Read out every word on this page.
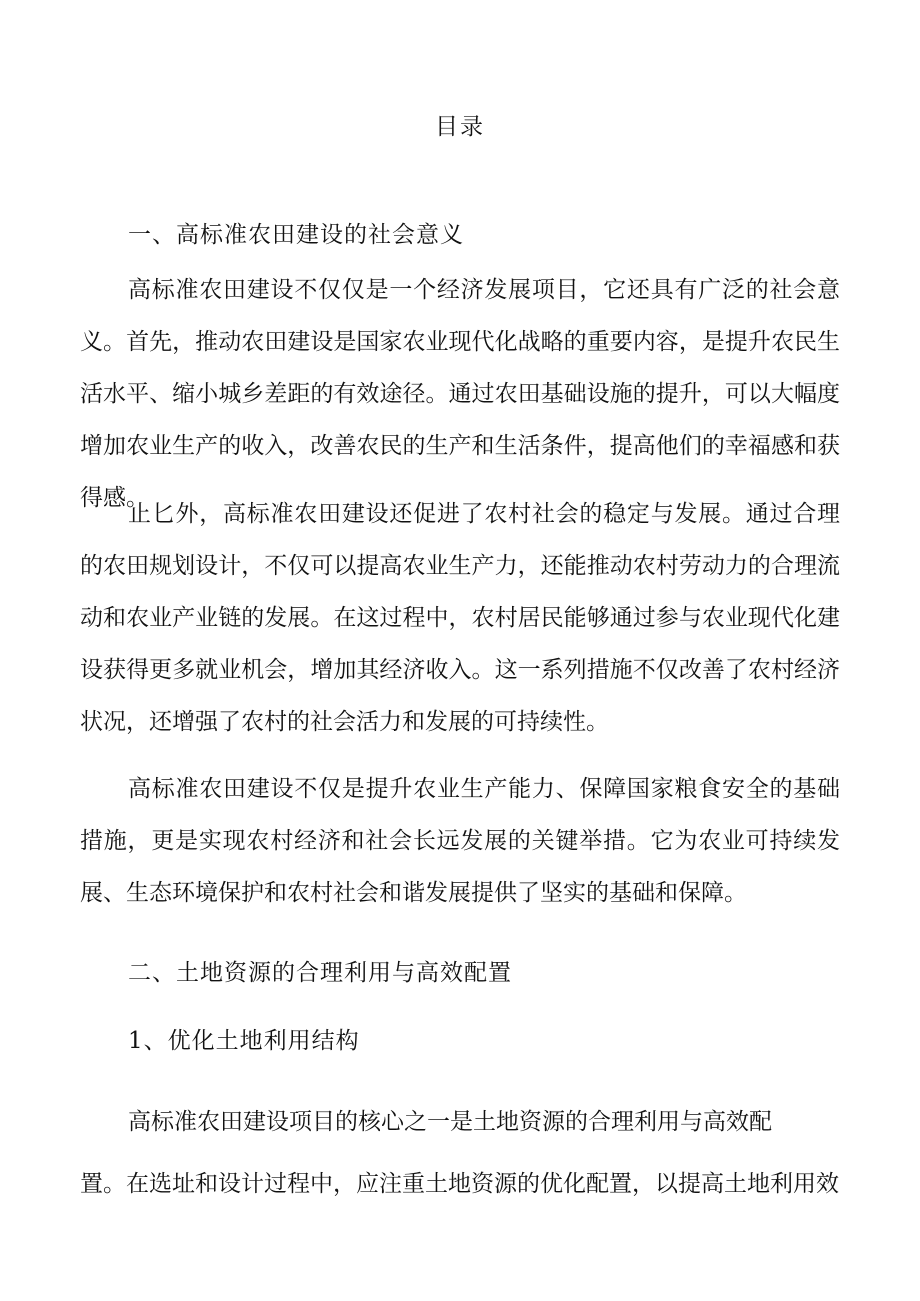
目录
一、高标准农田建设的社会意义
高标准农田建设不仅仅是一个经济发展项目，它还具有广泛的社会意义。首先，推动农田建设是国家农业现代化战略的重要内容，是提升农民生活水平、缩小城乡差距的有效途径。通过农田基础设施的提升，可以大幅度增加农业生产的收入，改善农民的生产和生活条件，提高他们的幸福感和获得感。
止匕外，高标准农田建设还促进了农村社会的稳定与发展。通过合理的农田规划设计，不仅可以提高农业生产力，还能推动农村劳动力的合理流动和农业产业链的发展。在这过程中，农村居民能够通过参与农业现代化建设获得更多就业机会，增加其经济收入。这一系列措施不仅改善了农村经济状况，还增强了农村的社会活力和发展的可持续性。
高标准农田建设不仅是提升农业生产能力、保障国家粮食安全的基础措施，更是实现农村经济和社会长远发展的关键举措。它为农业可持续发展、生态环境保护和农村社会和谐发展提供了坚实的基础和保障。
二、土地资源的合理利用与高效配置
1、优化土地利用结构
高标准农田建设项目的核心之一是土地资源的合理利用与高效配
置。在选址和设计过程中，应注重土地资源的优化配置，以提高土地利用效
